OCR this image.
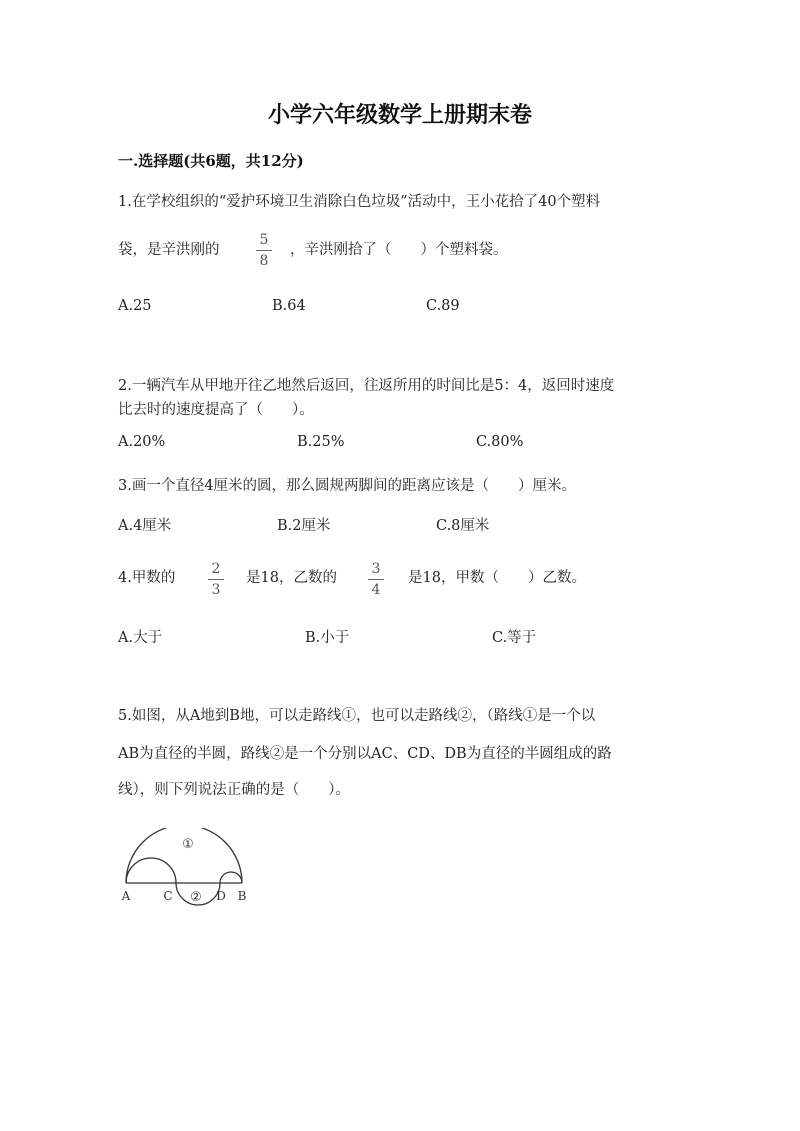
小学六年级数学上册期末卷
一.选择题(共6题，共12分)
1.在学校组织的“爱护环境卫生消除白色垃圾”活动中，王小花拾了40个塑料
袋，是辛洪刚的
5
8
，辛洪刚拾了（　　）个塑料袋。
A.25	B.64	C.89
2.一辆汽车从甲地开往乙地然后返回，往返所用的时间比是5：4，返回时速度
比去时的速度提高了（　　）。
A.20%	B.25%	C.80%
3.画一个直径4厘米的圆，那么圆规两脚间的距离应该是（　　）厘米。
A.4厘米	B.2厘米	C.8厘米
4.甲数的
2
3
是18，乙数的
3
4
是18，甲数（　　）乙数。
A.大于	B.小于	C.等于
5.如图，从A地到B地，可以走路线①，也可以走路线②，（路线①是一个以
AB为直径的半圆，路线②是一个分别以AC、CD、DB为直径的半圆组成的路
线），则下列说法正确的是（　　）。
①
②
A	C	D B
